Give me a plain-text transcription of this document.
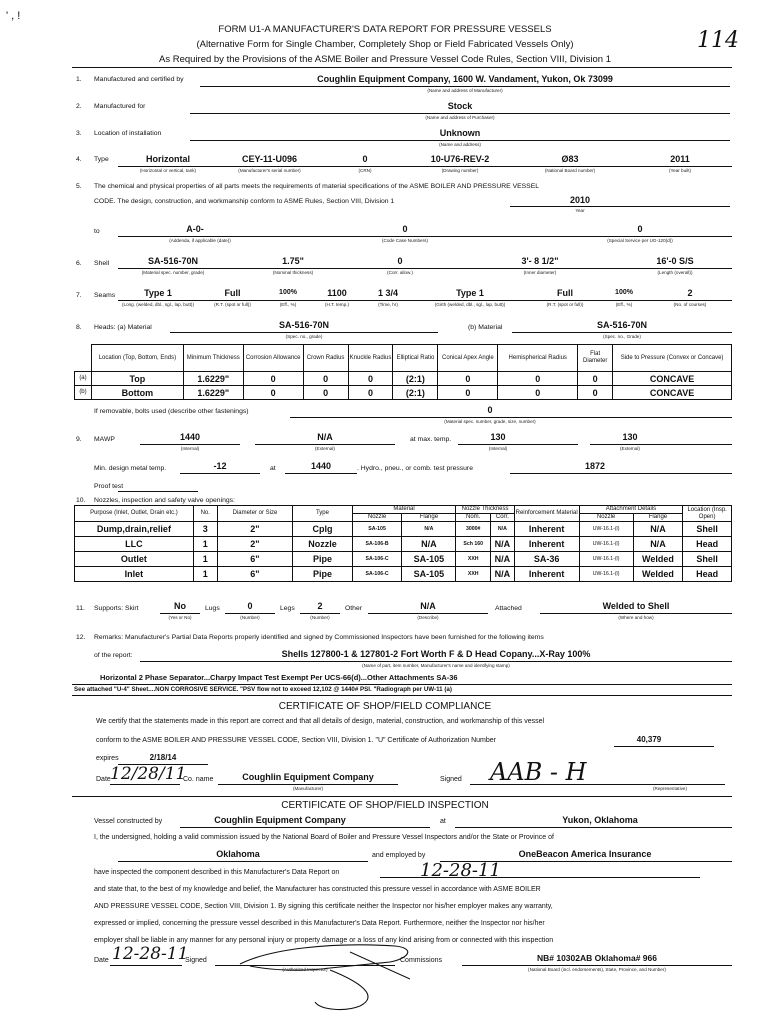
' , !
114
FORM U1-A MANUFACTURER'S DATA REPORT FOR PRESSURE VESSELS
(Alternative Form for Single Chamber, Completely Shop or Field Fabricated Vessels Only)
As Required by the Provisions of the ASME Boiler and Pressure Vessel Code Rules, Section VIII, Division 1
1. Manufactured and certified by	Coughlin Equipment Company, 1600 W. Vandament, Yukon, Ok 73099
(Name and address of Manufacturer)
2. Manufactured for	Stock
(Name and address of Purchaser)
3. Location of installation	Unknown
(Name and address)
4. Type	Horizontal
(Horizontal or vertical, tank)
CEY-11-U096
(Manufacturer's serial number)
0
(CRN)
10-U76-REV-2
(Drawing number)
Ø83
(National Board number)
2011
(Year built)
5. The chemical and physical properties of all parts meets the requirements of material specifications of the ASME BOILER AND PRESSURE VESSEL
CODE. The design, construction, and workmanship conform to ASME Rules, Section VIII, Division 1	2010
Year
to	A-0-
(Addenda, if applicable (date))
0
(Code Case Numbers)
0
(Special Service per UG-120(d))
6. Shell	SA-516-70N
(Material spec. number, grade)
1.75"
(Nominal thickness)
0
(Corr. allow.)
3'- 8 1/2"
(Inner diameter)
16'-0 S/S
(Length (overall))
7. Seams	Type 1
(Long. (welded, dbl., sgl., lap, butt))
Full
(R.T. (spot or full))
100%
(Eff., %)
1100
(H.T. temp.)
1 3/4
(Time, hr)
Type 1
(Girth (welded, dbl., sgl., lap, butt))
Full
(R.T. (spot or full))
100%
(Eff., %)
2
(No. of courses)
8. Heads: (a) Material	SA-516-70N
(Spec. no., grade)
(b) Material	SA-516-70N
(Spec. no., Grade)
	Location (Top, Bottom, Ends)	Minimum Thickness	Corrosion Allowance	Crown Radius	Knuckle Radius	Elliptical Ratio	Conical Apex Angle	Hemispherical Radius	Flat Diameter	Side to Pressure (Convex or Concave)
(a)	Top	1.6229"	0	0	0	(2:1)	0	0	0	CONCAVE
(b)	Bottom	1.6229"	0	0	0	(2:1)	0	0	0	CONCAVE
If removable, bolts used (describe other fastenings)	0
(Material spec. number, grade, size, number)
9. MAWP	1440
(Internal)
N/A
(External)
at max. temp.	130
(Internal)
130
(External)
Min. design metal temp.	-12	at	1440	. Hydro., pneu., or comb. test pressure	1872
Proof test
10. Nozzles, inspection and safety valve openings:
Purpose (Inlet, Outlet, Drain etc.)	No.	Diameter or Size	Type	Material		Nozzle Thickness		Reinforcement Material	Attachment Details		Location (Insp. Open)
				Nozzle	Flange	Nom.	Corr.		Nozzle	Flange	
Dump,drain,relief	3	2"	Cplg	SA-105	N/A	3000#	N/A	Inherent	UW-16.1-(l)	N/A	Shell
LLC	1	2"	Nozzle	SA-106-B	N/A	Sch 160	N/A	Inherent	UW-16.1-(l)	N/A	Head
Outlet	1	6"	Pipe	SA-106-C	SA-105	XXH	N/A	SA-36	UW-16.1-(l)	Welded	Shell
Inlet	1	6"	Pipe	SA-106-C	SA-105	XXH	N/A	Inherent	UW-16.1-(l)	Welded	Head
11. Supports: Skirt	No
(Yes or No)
Lugs	0
(Number)
Legs	2
(Number)
Other	N/A
(Describe)
Attached	Welded to Shell
(Where and how)
12. Remarks: Manufacturer's Partial Data Reports properly identified and signed by Commissioned Inspectors have been furnished for the following items
of the report:	Shells 127800-1 & 127801-2 Fort Worth F & D Head Copany...X-Ray 100%
(Name of part, item number, Manufacturer's name and identifying stamp)
Horizontal 2 Phase Separator...Charpy Impact Test Exempt Per UCS-66(d)...Other Attachments SA-36
See attached "U-4" Sheet....NON CORROSIVE SERVICE. "PSV flow not to exceed 12,102 @ 1440# PSI. "Radiograph per UW-11 (a)
CERTIFICATE OF SHOP/FIELD COMPLIANCE
We certify that the statements made in this report are correct and that all details of design, material, construction, and workmanship of this vessel
conform to the ASME BOILER AND PRESSURE VESSEL CODE, Section VIII, Division 1. "U" Certificate of Authorization Number	40,379
expires	2/18/14
Date 12/28/11
Co. name	Coughlin Equipment Company
(Manufacturer)
Signed AAB - H
(Representative)
CERTIFICATE OF SHOP/FIELD INSPECTION
Vessel constructed by	Coughlin Equipment Company	at	Yukon, Oklahoma
I, the undersigned, holding a valid commission issued by the National Board of Boiler and Pressure Vessel Inspectors and/or the State or Province of
Oklahoma	and employed by	OneBeacon America Insurance
have inspected the component described in this Manufacturer's Data Report on	12-28-11
and state that, to the best of my knowledge and belief, the Manufacturer has constructed this pressure vessel in accordance with ASME BOILER
AND PRESSURE VESSEL CODE, Section VIII, Division 1. By signing this certificate neither the Inspector nor his/her employer makes any warranty,
expressed or implied, concerning the pressure vessel described in this Manufacturer's Data Report. Furthermore, neither the Inspector nor his/her
employer shall be liable in any manner for any personal injury or property damage or a loss of any kind arising from or connected with this inspection
Date 12-28-11
Signed
(Authorized Inspector)
Commissions	NB# 10302AB Oklahoma# 966
(National Board (incl. endorsements), State, Province, and Number)
